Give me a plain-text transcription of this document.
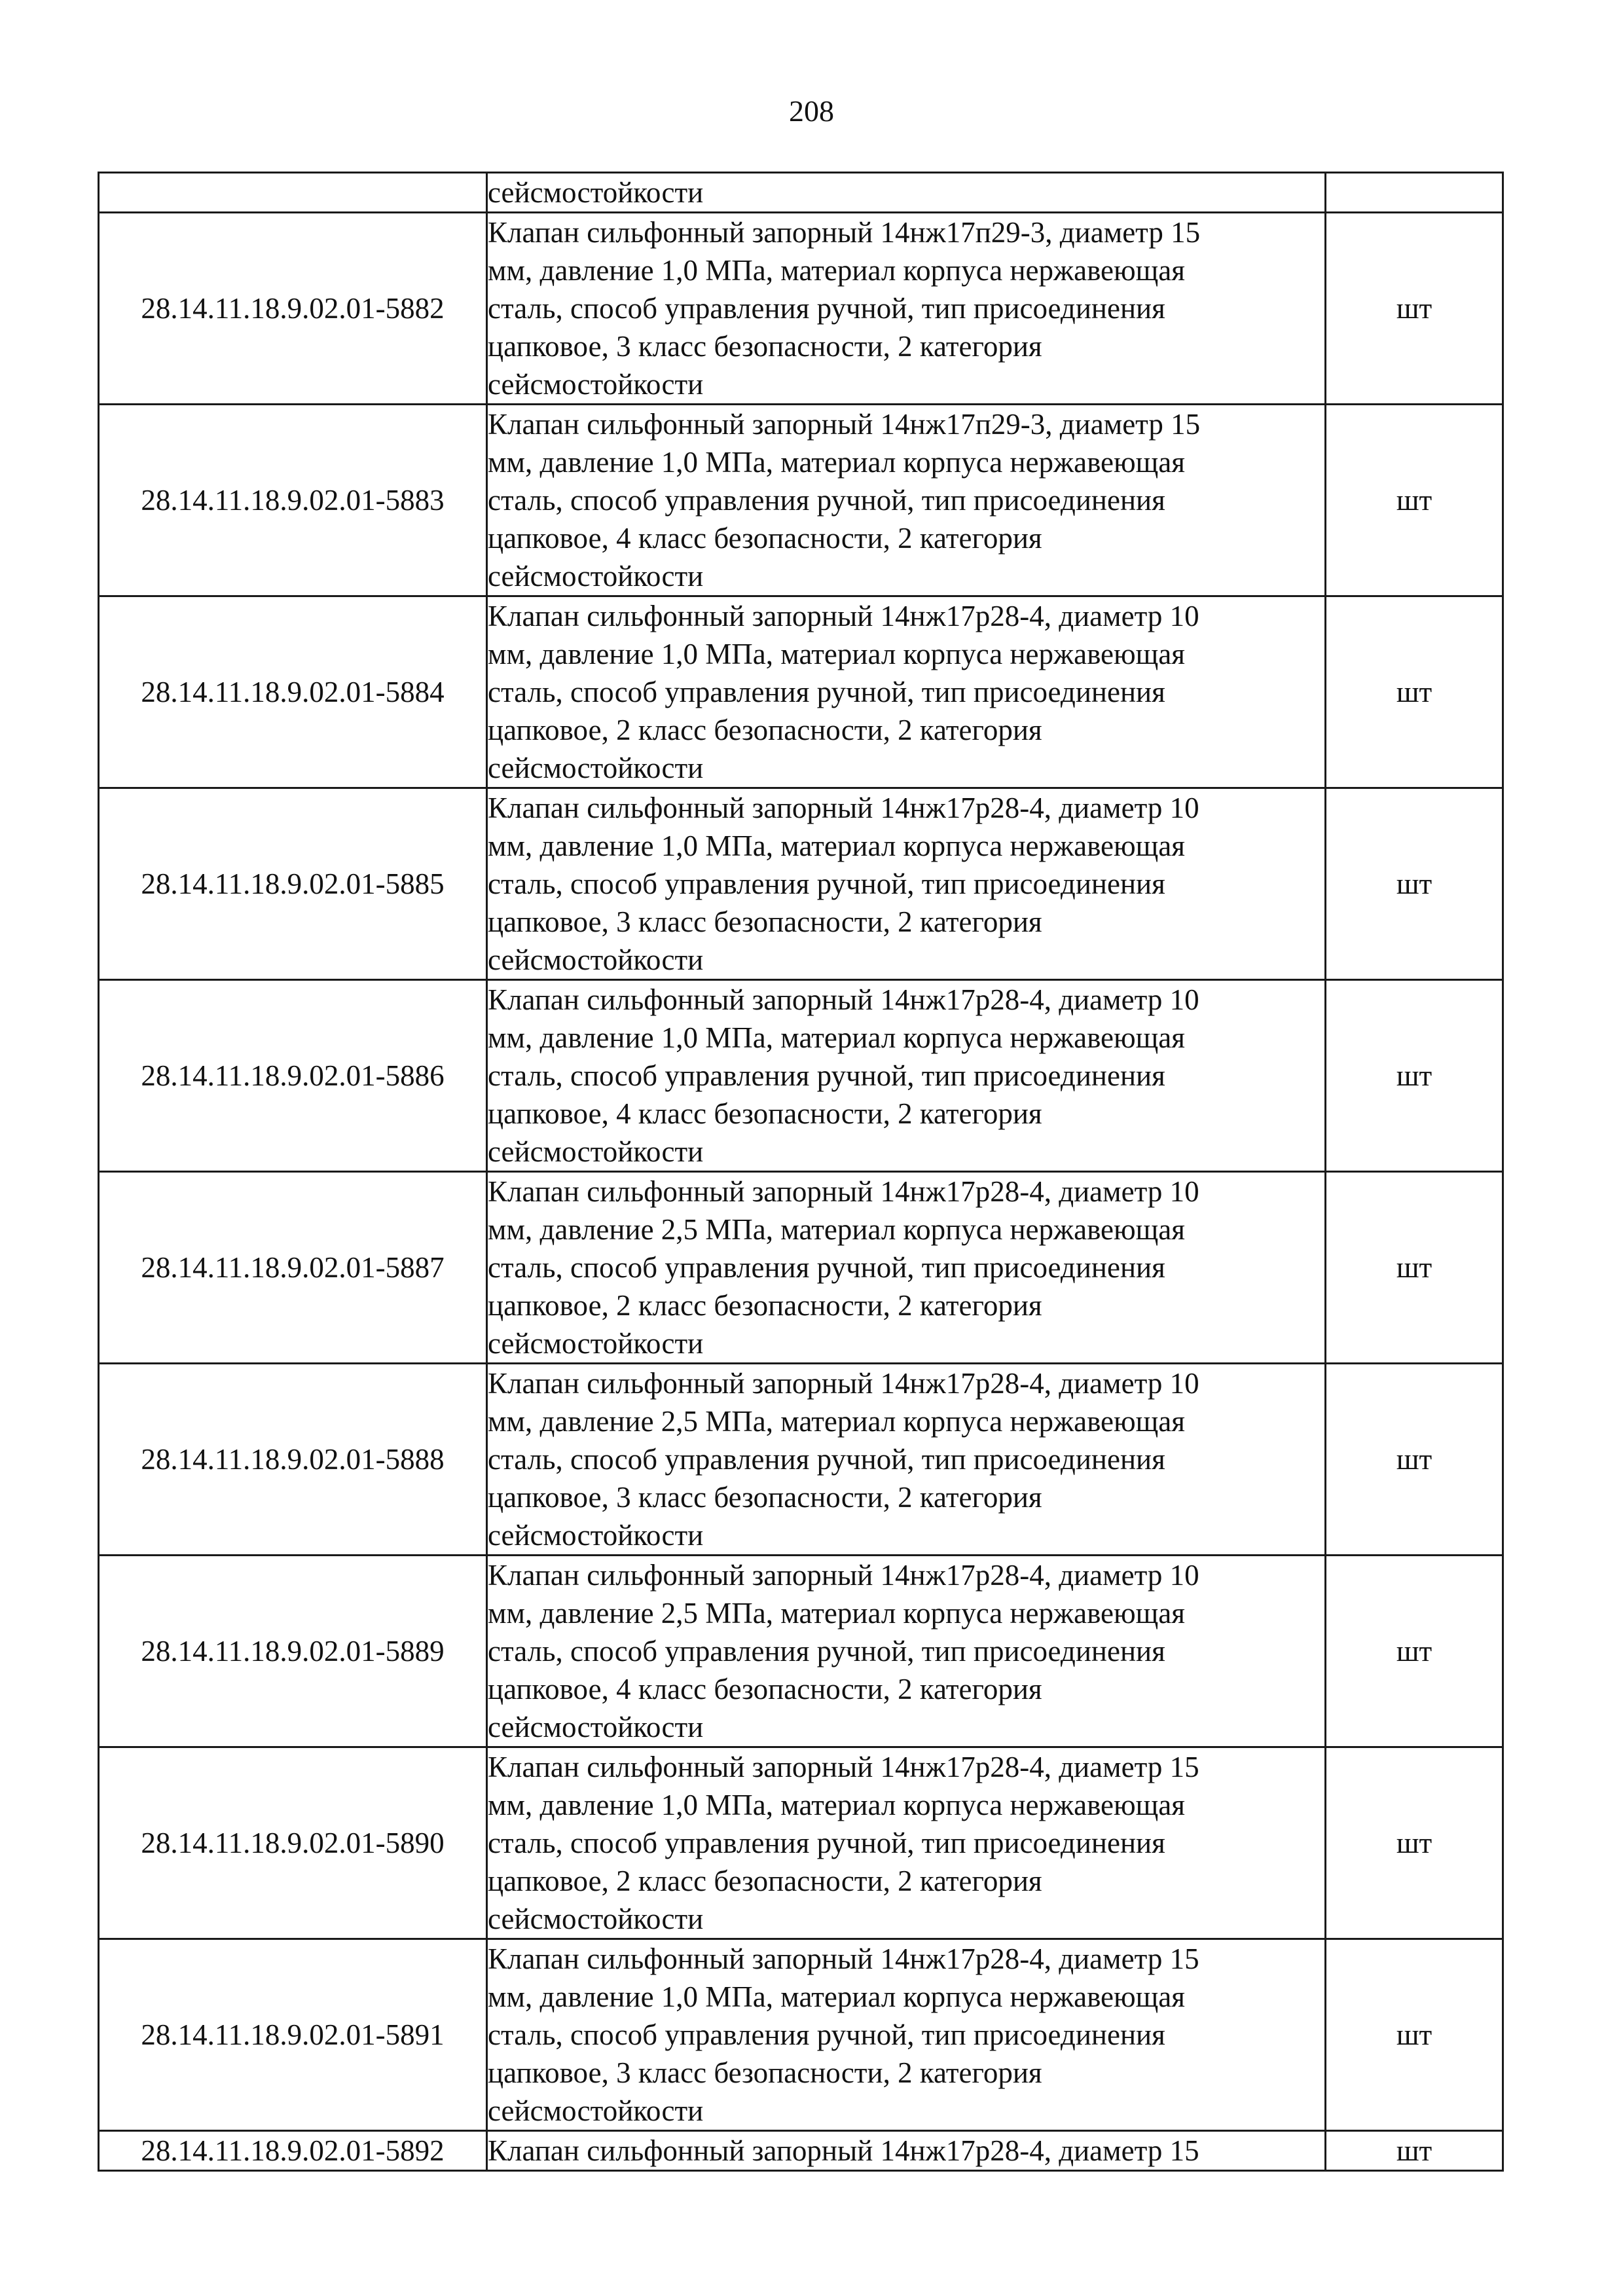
208
	сейсмостойкости	
28.14.11.18.9.02.01-5882	Клапан сильфонный запорный 14нж17п29-3, диаметр 15
мм, давление 1,0 МПа, материал корпуса нержавеющая
сталь, способ управления ручной, тип присоединения
цапковое, 3 класс безопасности, 2 категория
сейсмостойкости	шт
28.14.11.18.9.02.01-5883	Клапан сильфонный запорный 14нж17п29-3, диаметр 15
мм, давление 1,0 МПа, материал корпуса нержавеющая
сталь, способ управления ручной, тип присоединения
цапковое, 4 класс безопасности, 2 категория
сейсмостойкости	шт
28.14.11.18.9.02.01-5884	Клапан сильфонный запорный 14нж17р28-4, диаметр 10
мм, давление 1,0 МПа, материал корпуса нержавеющая
сталь, способ управления ручной, тип присоединения
цапковое, 2 класс безопасности, 2 категория
сейсмостойкости	шт
28.14.11.18.9.02.01-5885	Клапан сильфонный запорный 14нж17р28-4, диаметр 10
мм, давление 1,0 МПа, материал корпуса нержавеющая
сталь, способ управления ручной, тип присоединения
цапковое, 3 класс безопасности, 2 категория
сейсмостойкости	шт
28.14.11.18.9.02.01-5886	Клапан сильфонный запорный 14нж17р28-4, диаметр 10
мм, давление 1,0 МПа, материал корпуса нержавеющая
сталь, способ управления ручной, тип присоединения
цапковое, 4 класс безопасности, 2 категория
сейсмостойкости	шт
28.14.11.18.9.02.01-5887	Клапан сильфонный запорный 14нж17р28-4, диаметр 10
мм, давление 2,5 МПа, материал корпуса нержавеющая
сталь, способ управления ручной, тип присоединения
цапковое, 2 класс безопасности, 2 категория
сейсмостойкости	шт
28.14.11.18.9.02.01-5888	Клапан сильфонный запорный 14нж17р28-4, диаметр 10
мм, давление 2,5 МПа, материал корпуса нержавеющая
сталь, способ управления ручной, тип присоединения
цапковое, 3 класс безопасности, 2 категория
сейсмостойкости	шт
28.14.11.18.9.02.01-5889	Клапан сильфонный запорный 14нж17р28-4, диаметр 10
мм, давление 2,5 МПа, материал корпуса нержавеющая
сталь, способ управления ручной, тип присоединения
цапковое, 4 класс безопасности, 2 категория
сейсмостойкости	шт
28.14.11.18.9.02.01-5890	Клапан сильфонный запорный 14нж17р28-4, диаметр 15
мм, давление 1,0 МПа, материал корпуса нержавеющая
сталь, способ управления ручной, тип присоединения
цапковое, 2 класс безопасности, 2 категория
сейсмостойкости	шт
28.14.11.18.9.02.01-5891	Клапан сильфонный запорный 14нж17р28-4, диаметр 15
мм, давление 1,0 МПа, материал корпуса нержавеющая
сталь, способ управления ручной, тип присоединения
цапковое, 3 класс безопасности, 2 категория
сейсмостойкости	шт
28.14.11.18.9.02.01-5892	Клапан сильфонный запорный 14нж17р28-4, диаметр 15	шт
